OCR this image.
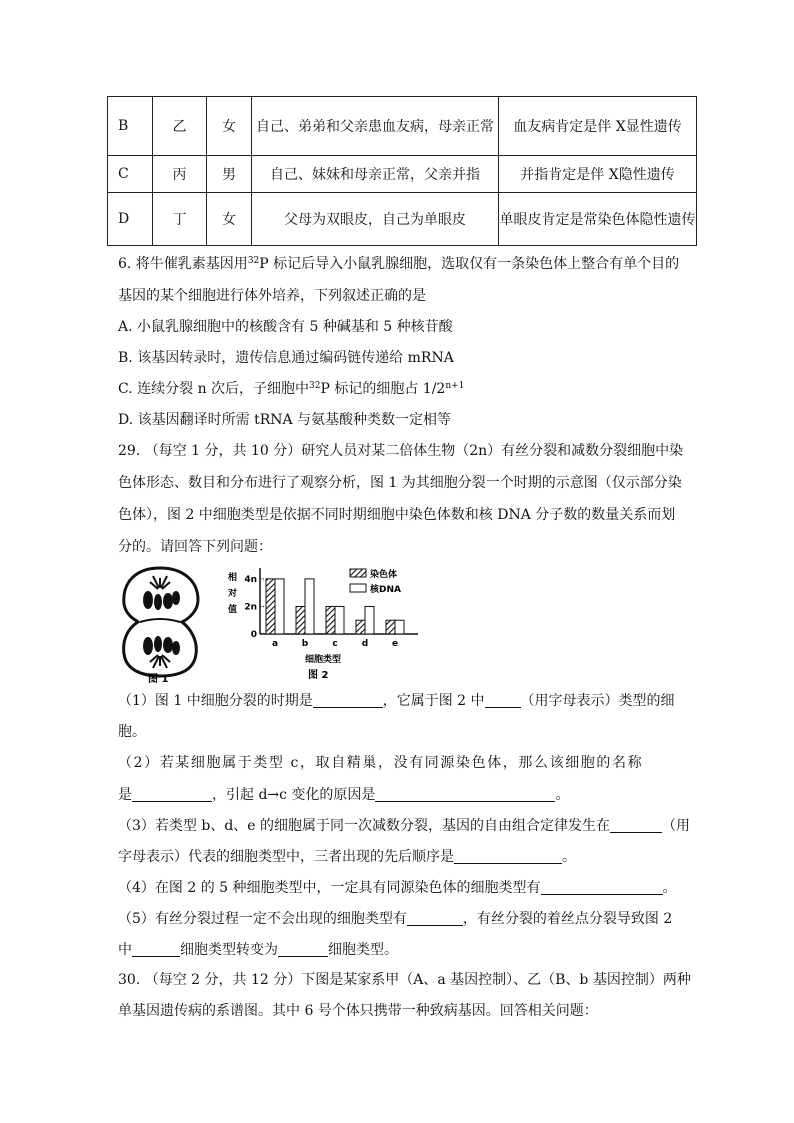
B	乙	女	自己、弟弟和父亲患血友病，母亲正常	血友病肯定是伴 X显性遗传
C	丙	男	自己、妹妹和母亲正常，父亲并指	并指肯定是伴 X隐性遗传
D	丁	女	父母为双眼皮，自己为单眼皮	单眼皮肯定是常染色体隐性遗传
6. 将牛催乳素基因用$^{32}$P 标记后导入小鼠乳腺细胞，选取仅有一条染色体上整合有单个目的
基因的某个细胞进行体外培养，下列叙述正确的是
A. 小鼠乳腺细胞中的核酸含有 5 种碱基和 5 种核苷酸
B. 该基因转录时，遗传信息通过编码链传递给 mRNA
C. 连续分裂 n 次后，子细胞中$^{32}$P 标记的细胞占 $1/2^{n+1}$
D. 该基因翻译时所需 tRNA 与氨基酸种类数一定相等
29. （每空 1 分，共 10 分）研究人员对某二倍体生物（2n）有丝分裂和减数分裂细胞中染
色体形态、数目和分布进行了观察分析，图 1 为其细胞分裂一个时期的示意图（仅示部分染
色体），图 2 中细胞类型是依据不同时期细胞中染色体数和核 DNA 分子数的数量关系而划
分的。请回答下列问题：
图 1
相
对
值
0
2n
4n
a	b	c	d	e
染色体
核DNA
细胞类型
图 2
（1）图 1 中细胞分裂的时期是	，它属于图 2 中	（用字母表示）类型的细
胞。
（2）若某细胞属于类型 c，取自精巢，没有同源染色体，那么该细胞的名称
是	，引起 d→c 变化的原因是	。
（3）若类型 b、d、e 的细胞属于同一次减数分裂，基因的自由组合定律发生在	（用
字母表示）代表的细胞类型中，三者出现的先后顺序是	。
（4）在图 2 的 5 种细胞类型中，一定具有同源染色体的细胞类型有	。
（5）有丝分裂过程一定不会出现的细胞类型有	，有丝分裂的着丝点分裂导致图 2
中	细胞类型转变为	细胞类型。
30. （每空 2 分，共 12 分）下图是某家系甲（A、a 基因控制）、乙（B、b 基因控制）两种
单基因遗传病的系谱图。其中 6 号个体只携带一种致病基因。回答相关问题：
